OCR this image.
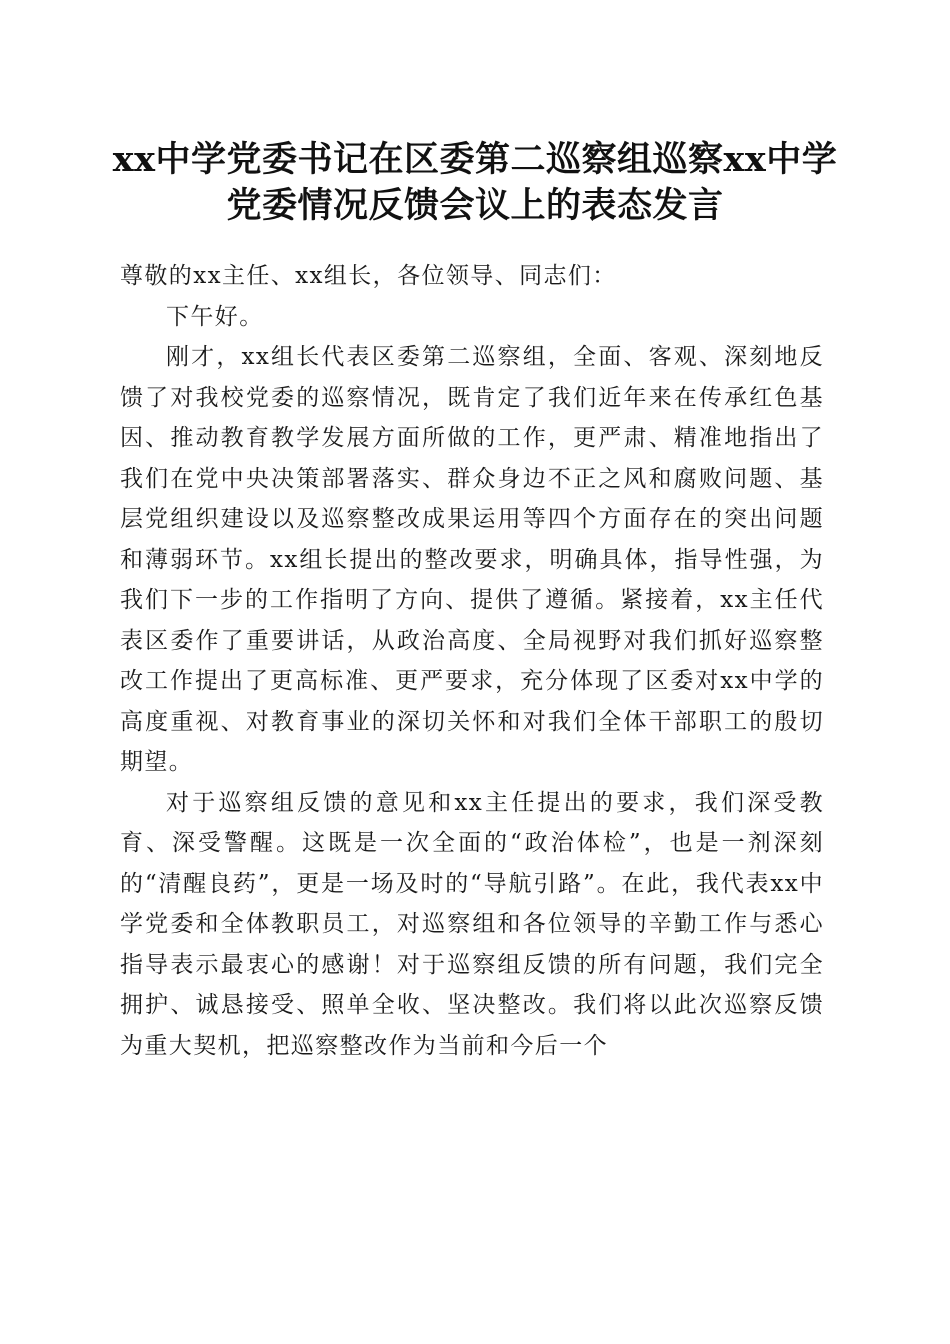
xx中学党委书记在区委第二巡察组巡察xx中学党委情况反馈会议上的表态发言

尊敬的xx主任、xx组长，各位领导、同志们：

下午好。

刚才，xx组长代表区委第二巡察组，全面、客观、深刻地反馈了对我校党委的巡察情况，既肯定了我们近年来在传承红色基因、推动教育教学发展方面所做的工作，更严肃、精准地指出了我们在党中央决策部署落实、群众身边不正之风和腐败问题、基层党组织建设以及巡察整改成果运用等四个方面存在的突出问题和薄弱环节。xx组长提出的整改要求，明确具体，指导性强，为我们下一步的工作指明了方向、提供了遵循。紧接着，xx主任代表区委作了重要讲话，从政治高度、全局视野对我们抓好巡察整改工作提出了更高标准、更严要求，充分体现了区委对xx中学的高度重视、对教育事业的深切关怀和对我们全体干部职工的殷切期望。

对于巡察组反馈的意见和xx主任提出的要求，我们深受教育、深受警醒。这既是一次全面的“政治体检”，也是一剂深刻的“清醒良药”，更是一场及时的“导航引路”。在此，我代表xx中学党委和全体教职员工，对巡察组和各位领导的辛勤工作与悉心指导表示最衷心的感谢！对于巡察组反馈的所有问题，我们完全拥护、诚恳接受、照单全收、坚决整改。我们将以此次巡察反馈为重大契机，把巡察整改作为当前和今后一个
